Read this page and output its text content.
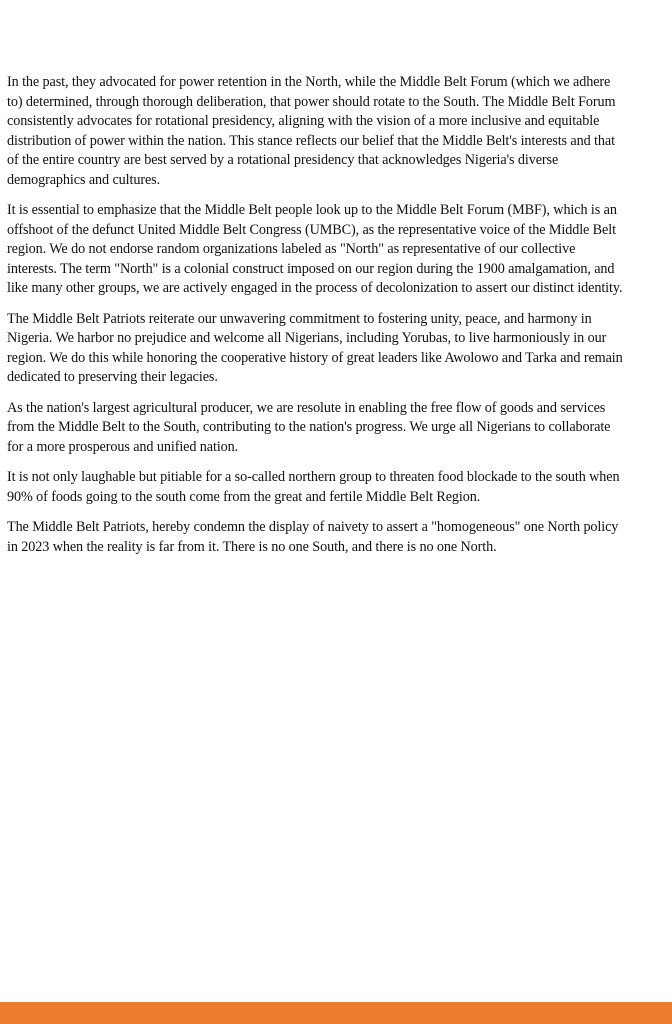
In the past, they advocated for power retention in the North, while the Middle Belt Forum (which we adhere to) determined, through thorough deliberation, that power should rotate to the South. The Middle Belt Forum consistently advocates for rotational presidency, aligning with the vision of a more inclusive and equitable distribution of power within the nation. This stance reflects our belief that the Middle Belt's interests and that of the entire country are best served by a rotational presidency that acknowledges Nigeria's diverse demographics and cultures.

It is essential to emphasize that the Middle Belt people look up to the Middle Belt Forum (MBF), which is an offshoot of the defunct United Middle Belt Congress (UMBC), as the representative voice of the Middle Belt region. We do not endorse random organizations labeled as "North" as representative of our collective interests. The term "North" is a colonial construct imposed on our region during the 1900 amalgamation, and like many other groups, we are actively engaged in the process of decolonization to assert our distinct identity.

The Middle Belt Patriots reiterate our unwavering commitment to fostering unity, peace, and harmony in Nigeria. We harbor no prejudice and welcome all Nigerians, including Yorubas, to live harmoniously in our region. We do this while honoring the cooperative history of great leaders like Awolowo and Tarka and remain dedicated to preserving their legacies.

As the nation's largest agricultural producer, we are resolute in enabling the free flow of goods and services from the Middle Belt to the South, contributing to the nation's progress. We urge all Nigerians to collaborate for a more prosperous and unified nation.

It is not only laughable but pitiable for a so-called northern group to threaten food blockade to the south when 90% of foods going to the south come from the great and fertile Middle Belt Region.

The Middle Belt Patriots, hereby condemn the display of naivety to assert a "homogeneous" one North policy in 2023 when the reality is far from it. There is no one South, and there is no one North.
